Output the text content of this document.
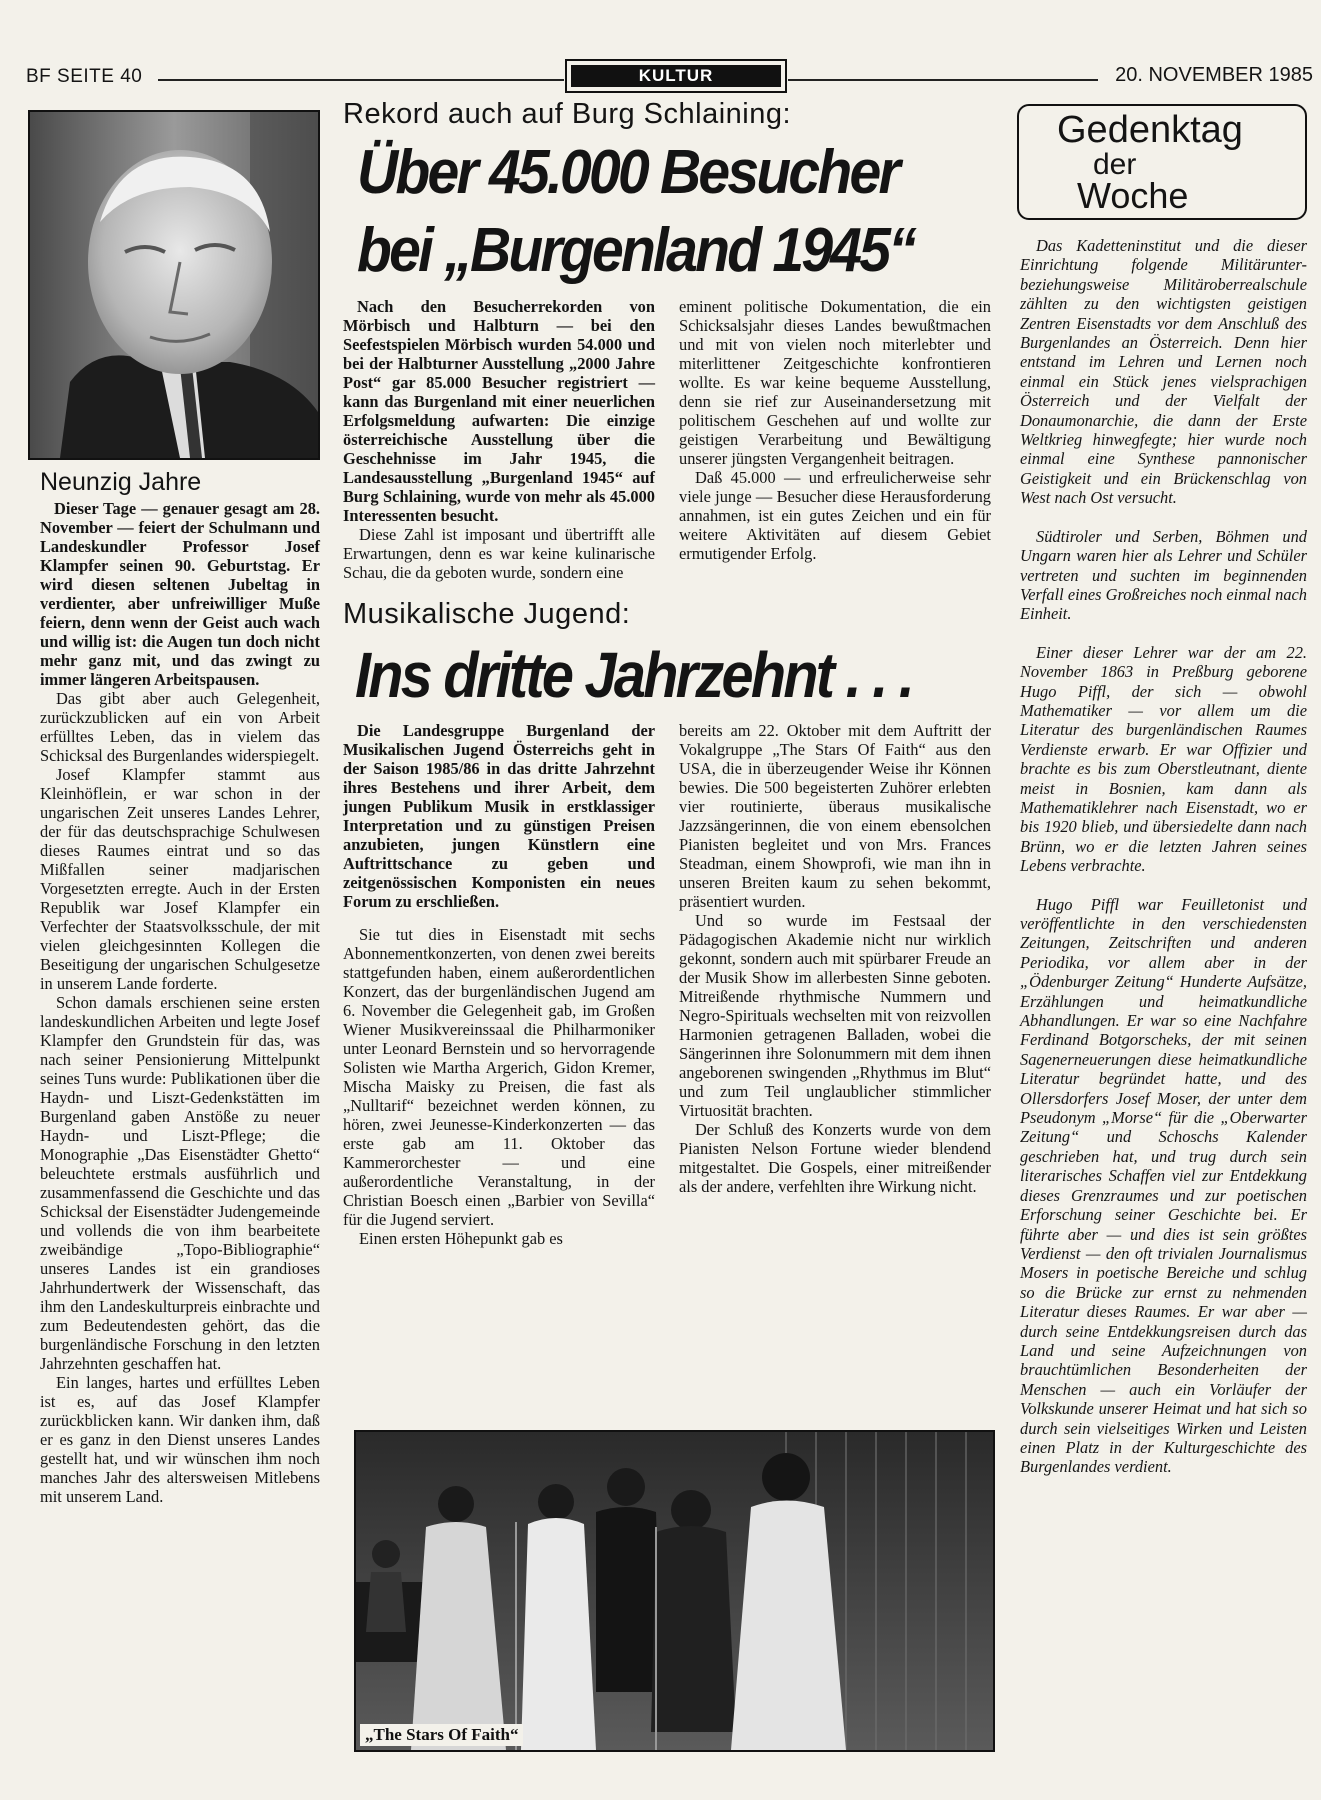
BF SEITE 40	KULTUR	20. NOVEMBER 1985
Neunzig Jahre

Dieser Tage — genauer gesagt am 28. November — feiert der Schulmann und Landeskundler Professor Josef Klampfer seinen 90. Geburtstag. Er wird diesen seltenen Jubeltag in verdienter, aber unfreiwilliger Muße feiern, denn wenn der Geist auch wach und willig ist: die Augen tun doch nicht mehr ganz mit, und das zwingt zu immer längeren Arbeitspausen.

Das gibt aber auch Gelegenheit, zurückzublicken auf ein von Arbeit erfülltes Leben, das in vielem das Schicksal des Burgenlandes widerspiegelt.

Josef Klampfer stammt aus Kleinhöflein, er war schon in der ungarischen Zeit unseres Landes Lehrer, der für das deutschsprachige Schulwesen dieses Raumes eintrat und so das Mißfallen seiner madjarischen Vorgesetzten erregte. Auch in der Ersten Republik war Josef Klampfer ein Verfechter der Staatsvolksschule, der mit vielen gleichgesinnten Kollegen die Beseitigung der ungarischen Schulgesetze in unserem Lande forderte.

Schon damals erschienen seine ersten landeskundlichen Arbeiten und legte Josef Klampfer den Grundstein für das, was nach seiner Pensionierung Mittelpunkt seines Tuns wurde: Publikationen über die Haydn- und Liszt-Gedenkstätten im Burgenland gaben Anstöße zu neuer Haydn- und Liszt-Pflege; die Monographie „Das Eisenstädter Ghetto“ beleuchtete erstmals ausführlich und zusammenfassend die Geschichte und das Schicksal der Eisenstädter Judengemeinde und vollends die von ihm bearbeitete zweibändige „Topo-Bibliographie“ unseres Landes ist ein grandioses Jahrhundertwerk der Wissenschaft, das ihm den Landeskulturpreis einbrachte und zum Bedeutendesten gehört, das die burgenländische Forschung in den letzten Jahrzehnten geschaffen hat.

Ein langes, hartes und erfülltes Leben ist es, auf das Josef Klampfer zurückblicken kann. Wir danken ihm, daß er es ganz in den Dienst unseres Landes gestellt hat, und wir wünschen ihm noch manches Jahr des altersweisen Mitlebens mit unserem Land.

Rekord auch auf Burg Schlaining:
Über 45.000 Besucher
bei „Burgenland 1945“

Nach den Besucherrekorden von Mörbisch und Halbturn — bei den Seefestspielen Mörbisch wurden 54.000 und bei der Halbturner Ausstellung „2000 Jahre Post“ gar 85.000 Besucher registriert — kann das Burgenland mit einer neuerlichen Erfolgsmeldung aufwarten: Die einzige österreichische Ausstellung über die Geschehnisse im Jahr 1945, die Landesausstellung „Burgenland 1945“ auf Burg Schlaining, wurde von mehr als 45.000 Interessenten besucht.

Diese Zahl ist imposant und übertrifft alle Erwartungen, denn es war keine kulinarische Schau, die da geboten wurde, sondern eine

eminent politische Dokumentation, die ein Schicksalsjahr dieses Landes bewußtmachen und mit von vielen noch miterlebter und miterlittener Zeitgeschichte konfrontieren wollte. Es war keine bequeme Ausstellung, denn sie rief zur Auseinandersetzung mit politischem Geschehen auf und wollte zur geistigen Verarbeitung und Bewältigung unserer jüngsten Vergangenheit beitragen.

Daß 45.000 — und erfreulicherweise sehr viele junge — Besucher diese Herausforderung annahmen, ist ein gutes Zeichen und ein für weitere Aktivitäten auf diesem Gebiet ermutigender Erfolg.

Musikalische Jugend:
Ins dritte Jahrzehnt . . .

Die Landesgruppe Burgenland der Musikalischen Jugend Österreichs geht in der Saison 1985/86 in das dritte Jahrzehnt ihres Bestehens und ihrer Arbeit, dem jungen Publikum Musik in erstklassiger Interpretation und zu günstigen Preisen anzubieten, jungen Künstlern eine Auftrittschance zu geben und zeitgenössischen Komponisten ein neues Forum zu erschließen.

Sie tut dies in Eisenstadt mit sechs Abonnementkonzerten, von denen zwei bereits stattgefunden haben, einem außerordentlichen Konzert, das der burgenländischen Jugend am 6. November die Gelegenheit gab, im Großen Wiener Musikvereinssaal die Philharmoniker unter Leonard Bernstein und so hervorragende Solisten wie Martha Argerich, Gidon Kremer, Mischa Maisky zu Preisen, die fast als „Nulltarif“ bezeichnet werden können, zu hören, zwei Jeunesse-Kinderkonzerten — das erste gab am 11. Oktober das Kammerorchester — und eine außerordentliche Veranstaltung, in der Christian Boesch einen „Barbier von Sevilla“ für die Jugend serviert.

Einen ersten Höhepunkt gab es

bereits am 22. Oktober mit dem Auftritt der Vokalgruppe „The Stars Of Faith“ aus den USA, die in überzeugender Weise ihr Können bewies. Die 500 begeisterten Zuhörer erlebten vier routinierte, überaus musikalische Jazzsängerinnen, die von einem ebensolchen Pianisten begleitet und von Mrs. Frances Steadman, einem Showprofi, wie man ihn in unseren Breiten kaum zu sehen bekommt, präsentiert wurden.

Und so wurde im Festsaal der Pädagogischen Akademie nicht nur wirklich gekonnt, sondern auch mit spürbarer Freude an der Musik Show im allerbesten Sinne geboten. Mitreißende rhythmische Nummern und Negro-Spirituals wechselten mit von reizvollen Harmonien getragenen Balladen, wobei die Sängerinnen ihre Solonummern mit dem ihnen angeborenen swingenden „Rhythmus im Blut“ und zum Teil unglaublicher stimmlicher Virtuosität brachten.

Der Schluß des Konzerts wurde von dem Pianisten Nelson Fortune wieder blendend mitgestaltet. Die Gospels, einer mitreißender als der andere, verfehlten ihre Wirkung nicht.

„The Stars Of Faith“
Gedenktag
der
Woche

Das Kadetteninstitut und die dieser Einrichtung folgende Militärunter- beziehungsweise Militäroberrealschule zählten zu den wichtigsten geistigen Zentren Eisenstadts vor dem Anschluß des Burgenlandes an Österreich. Denn hier entstand im Lehren und Lernen noch einmal ein Stück jenes vielsprachigen Österreich und der Vielfalt der Donaumonarchie, die dann der Erste Weltkrieg hinwegfegte; hier wurde noch einmal eine Synthese pannonischer Geistigkeit und ein Brückenschlag von West nach Ost versucht.

Südtiroler und Serben, Böhmen und Ungarn waren hier als Lehrer und Schüler vertreten und suchten im beginnenden Verfall eines Großreiches noch einmal nach Einheit.

Einer dieser Lehrer war der am 22. November 1863 in Preßburg geborene Hugo Piffl, der sich — obwohl Mathematiker — vor allem um die Literatur des burgenländischen Raumes Verdienste erwarb. Er war Offizier und brachte es bis zum Oberstleutnant, diente meist in Bosnien, kam dann als Mathematiklehrer nach Eisenstadt, wo er bis 1920 blieb, und übersiedelte dann nach Brünn, wo er die letzten Jahren seines Lebens verbrachte.

Hugo Piffl war Feuilletonist und veröffentlichte in den verschiedensten Zeitungen, Zeitschriften und anderen Periodika, vor allem aber in der „Ödenburger Zeitung“ Hunderte Aufsätze, Erzählungen und heimatkundliche Abhandlungen. Er war so eine Nachfahre Ferdinand Botgorscheks, der mit seinen Sagenerneuerungen diese heimatkundliche Literatur begründet hatte, und des Ollersdorfers Josef Moser, der unter dem Pseudonym „Morse“ für die „Oberwarter Zeitung“ und Schoschs Kalender geschrieben hat, und trug durch sein literarisches Schaffen viel zur Entdekkung dieses Grenzraumes und zur poetischen Erforschung seiner Geschichte bei. Er führte aber — und dies ist sein größtes Verdienst — den oft trivialen Journalismus Mosers in poetische Bereiche und schlug so die Brücke zur ernst zu nehmenden Literatur dieses Raumes. Er war aber — durch seine Entdekkungsreisen durch das Land und seine Aufzeichnungen von brauchtümlichen Besonderheiten der Menschen — auch ein Vorläufer der Volkskunde unserer Heimat und hat sich so durch sein vielseitiges Wirken und Leisten einen Platz in der Kulturgeschichte des Burgenlandes verdient.
